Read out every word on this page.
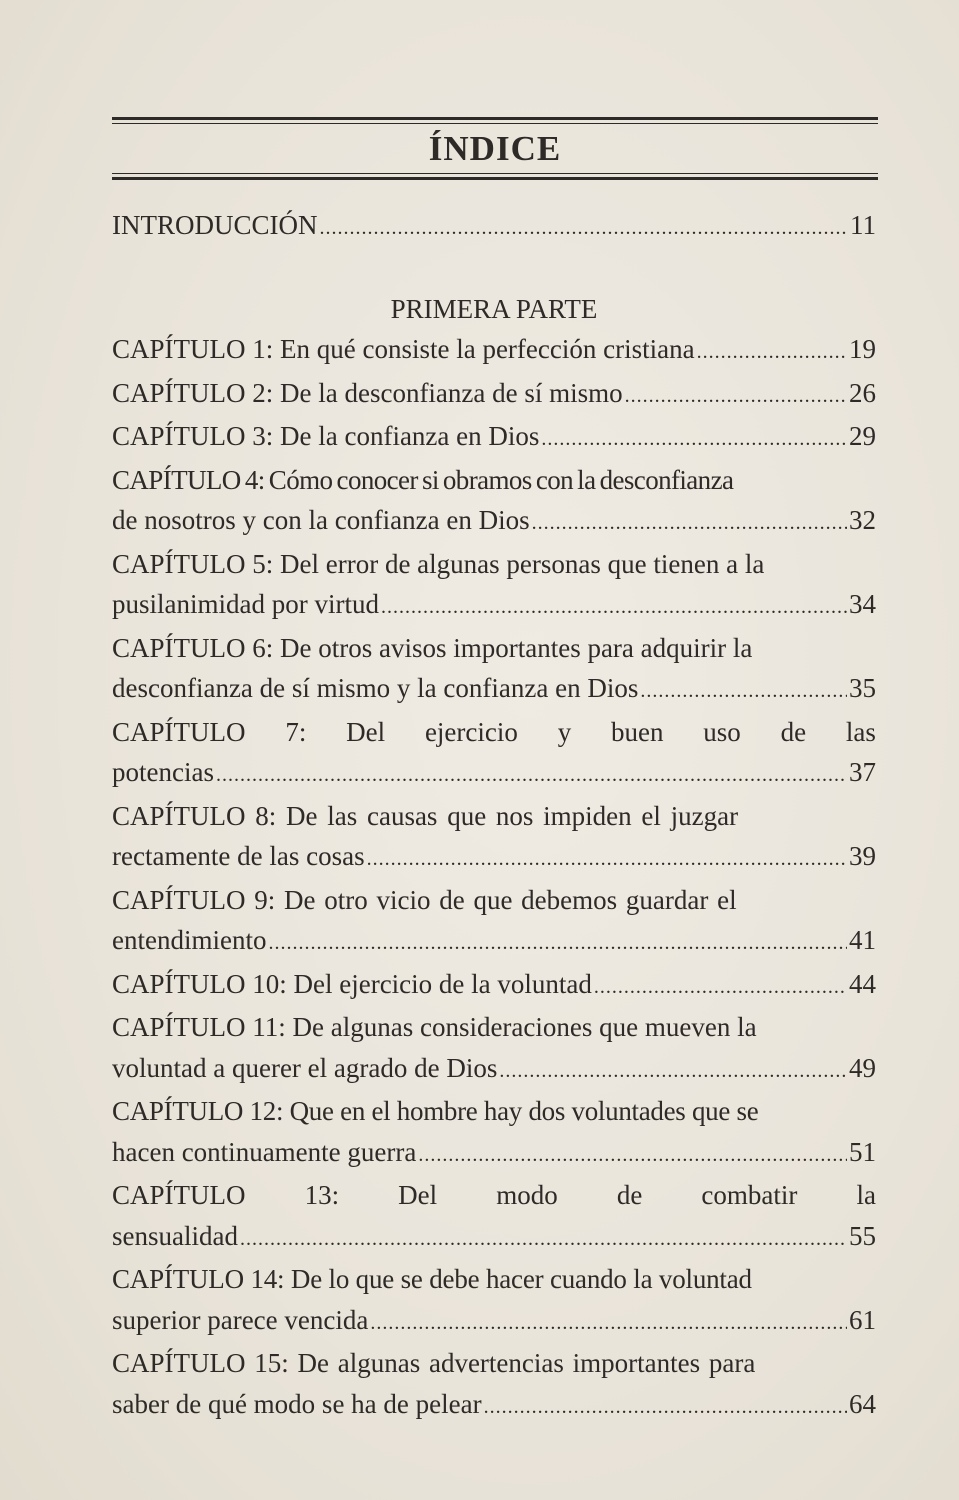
ÍNDICE
INTRODUCCIÓN .....	11
PRIMERA PARTE
CAPÍTULO 1: En qué consiste la perfección cristiana .....	19
CAPÍTULO 2: De la desconfianza de sí mismo .....	26
CAPÍTULO 3: De la confianza en Dios .....	29
CAPÍTULO 4: Cómo conocer si obramos con la desconfianza
de nosotros y con la confianza en Dios .....	32
CAPÍTULO 5: Del error de algunas personas que tienen a la
pusilanimidad por virtud .....	34
CAPÍTULO 6: De otros avisos importantes para adquirir la
desconfianza de sí mismo y la confianza en Dios .....	35
CAPÍTULO 7: Del ejercicio y buen uso de las
potencias .....	37
CAPÍTULO 8: De las causas que nos impiden el juzgar
rectamente de las cosas .....	39
CAPÍTULO 9: De otro vicio de que debemos guardar el
entendimiento .....	41
CAPÍTULO 10: Del ejercicio de la voluntad .....	44
CAPÍTULO 11: De algunas consideraciones que mueven la
voluntad a querer el agrado de Dios .....	49
CAPÍTULO 12: Que en el hombre hay dos voluntades que se
hacen continuamente guerra .....	51
CAPÍTULO 13: Del modo de combatir la
sensualidad .....	55
CAPÍTULO 14: De lo que se debe hacer cuando la voluntad
superior parece vencida .....	61
CAPÍTULO 15: De algunas advertencias importantes para
saber de qué modo se ha de pelear .....	64
